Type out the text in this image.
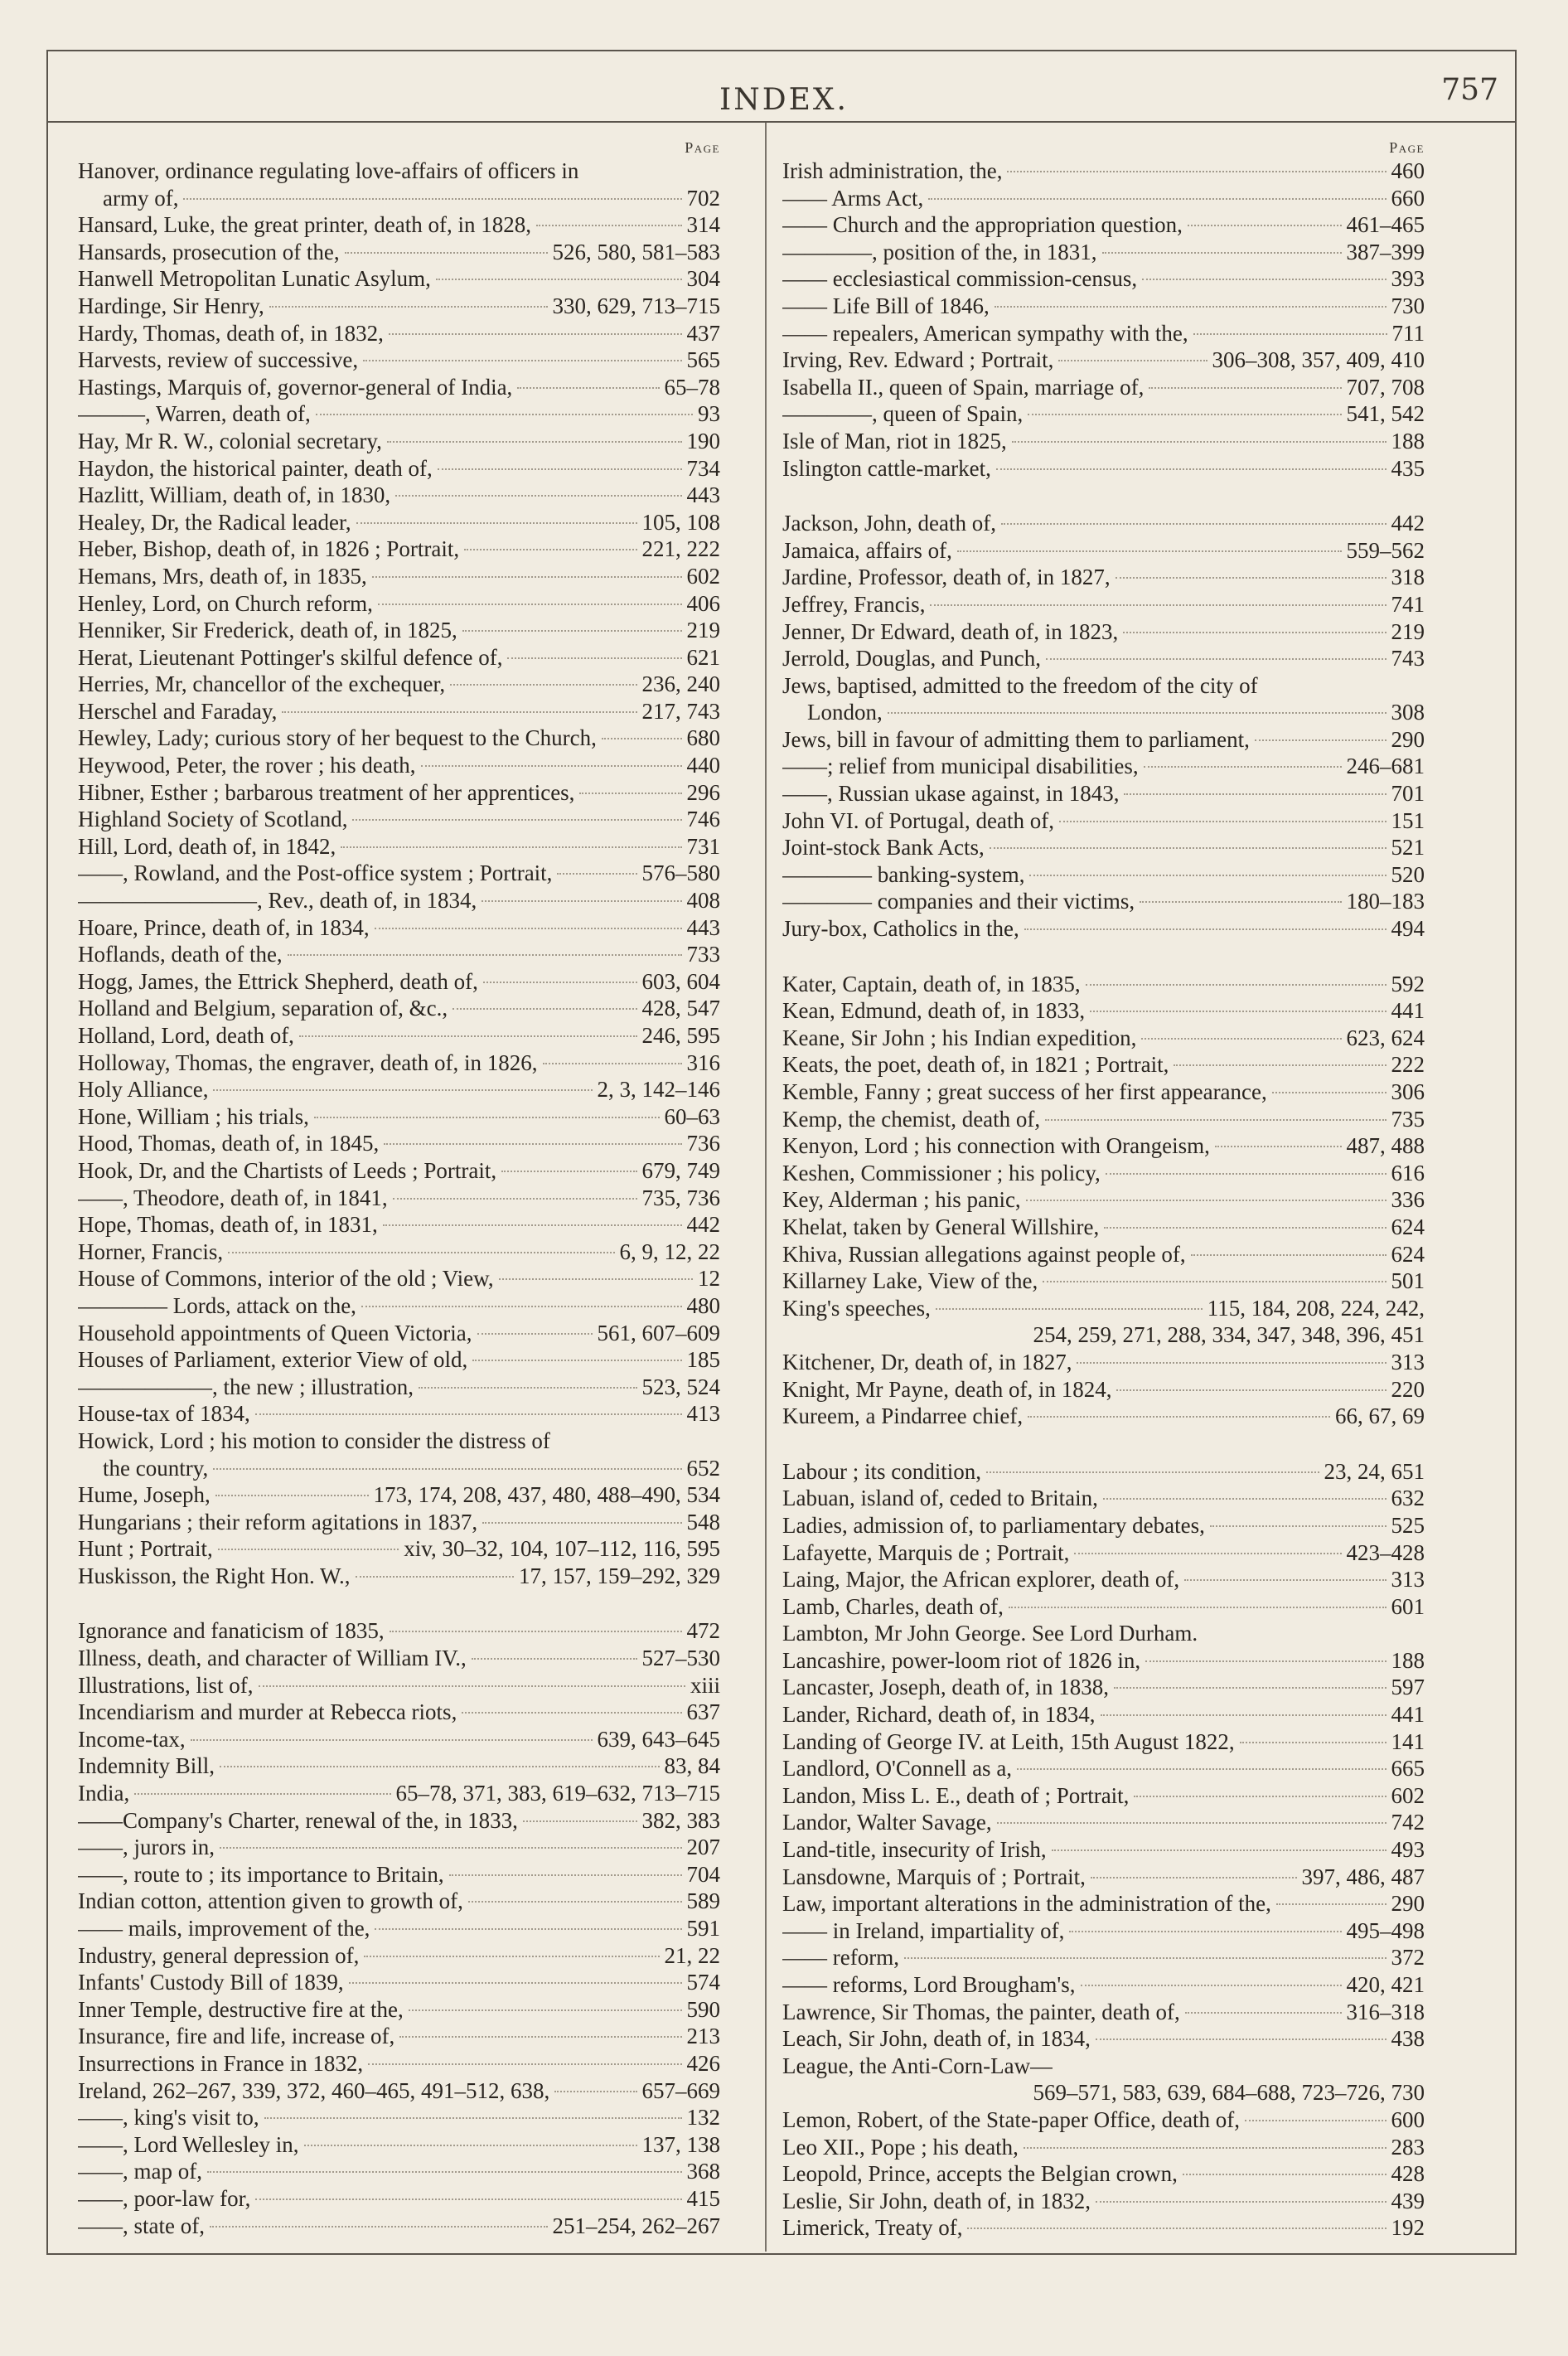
INDEX.	757
Page
Hanover, ordinance regulating love-affairs of officers in
army of,	702
Hansard, Luke, the great printer, death of, in 1828,	314
Hansards, prosecution of the,	526, 580, 581–583
Hanwell Metropolitan Lunatic Asylum,	304
Hardinge, Sir Henry,	330, 629, 713–715
Hardy, Thomas, death of, in 1832,	437
Harvests, review of successive,	565
Hastings, Marquis of, governor-general of India,	65–78
———, Warren, death of,	93
Hay, Mr R. W., colonial secretary,	190
Haydon, the historical painter, death of,	734
Hazlitt, William, death of, in 1830,	443
Healey, Dr, the Radical leader,	105, 108
Heber, Bishop, death of, in 1826 ; Portrait,	221, 222
Hemans, Mrs, death of, in 1835,	602
Henley, Lord, on Church reform,	406
Henniker, Sir Frederick, death of, in 1825,	219
Herat, Lieutenant Pottinger's skilful defence of,	621
Herries, Mr, chancellor of the exchequer,	236, 240
Herschel and Faraday,	217, 743
Hewley, Lady; curious story of her bequest to the Church,	680
Heywood, Peter, the rover ; his death,	440
Hibner, Esther ; barbarous treatment of her apprentices,	296
Highland Society of Scotland,	746
Hill, Lord, death of, in 1842,	731
——, Rowland, and the Post-office system ; Portrait,	576–580
————————, Rev., death of, in 1834,	408
Hoare, Prince, death of, in 1834,	443
Hoflands, death of the,	733
Hogg, James, the Ettrick Shepherd, death of,	603, 604
Holland and Belgium, separation of, &c.,	428, 547
Holland, Lord, death of,	246, 595
Holloway, Thomas, the engraver, death of, in 1826,	316
Holy Alliance,	2, 3, 142–146
Hone, William ; his trials,	60–63
Hood, Thomas, death of, in 1845,	736
Hook, Dr, and the Chartists of Leeds ; Portrait,	679, 749
——, Theodore, death of, in 1841,	735, 736
Hope, Thomas, death of, in 1831,	442
Horner, Francis,	6, 9, 12, 22
House of Commons, interior of the old ; View,	12
———— Lords, attack on the,	480
Household appointments of Queen Victoria,	561, 607–609
Houses of Parliament, exterior View of old,	185
——————, the new ; illustration,	523, 524
House-tax of 1834,	413
Howick, Lord ; his motion to consider the distress of
the country,	652
Hume, Joseph,	173, 174, 208, 437, 480, 488–490, 534
Hungarians ; their reform agitations in 1837,	548
Hunt ; Portrait,	xiv, 30–32, 104, 107–112, 116, 595
Huskisson, the Right Hon. W.,	17, 157, 159–292, 329
Ignorance and fanaticism of 1835,	472
Illness, death, and character of William IV.,	527–530
Illustrations, list of,	xiii
Incendiarism and murder at Rebecca riots,	637
Income-tax,	639, 643–645
Indemnity Bill,	83, 84
India,	65–78, 371, 383, 619–632, 713–715
——Company's Charter, renewal of the, in 1833,	382, 383
——, jurors in,	207
——, route to ; its importance to Britain,	704
Indian cotton, attention given to growth of,	589
—— mails, improvement of the,	591
Industry, general depression of,	21, 22
Infants' Custody Bill of 1839,	574
Inner Temple, destructive fire at the,	590
Insurance, fire and life, increase of,	213
Insurrections in France in 1832,	426
Ireland, 262–267, 339, 372, 460–465, 491–512, 638,	657–669
——, king's visit to,	132
——, Lord Wellesley in,	137, 138
——, map of,	368
——, poor-law for,	415
——, state of,	251–254, 262–267
Page
Irish administration, the,	460
—— Arms Act,	660
—— Church and the appropriation question,	461–465
————, position of the, in 1831,	387–399
—— ecclesiastical commission-census,	393
—— Life Bill of 1846,	730
—— repealers, American sympathy with the,	711
Irving, Rev. Edward ; Portrait,	306–308, 357, 409, 410
Isabella II., queen of Spain, marriage of,	707, 708
————, queen of Spain,	541, 542
Isle of Man, riot in 1825,	188
Islington cattle-market,	435
Jackson, John, death of,	442
Jamaica, affairs of,	559–562
Jardine, Professor, death of, in 1827,	318
Jeffrey, Francis,	741
Jenner, Dr Edward, death of, in 1823,	219
Jerrold, Douglas, and Punch,	743
Jews, baptised, admitted to the freedom of the city of
London,	308
Jews, bill in favour of admitting them to parliament,	290
——; relief from municipal disabilities,	246–681
——, Russian ukase against, in 1843,	701
John VI. of Portugal, death of,	151
Joint-stock Bank Acts,	521
———— banking-system,	520
———— companies and their victims,	180–183
Jury-box, Catholics in the,	494
Kater, Captain, death of, in 1835,	592
Kean, Edmund, death of, in 1833,	441
Keane, Sir John ; his Indian expedition,	623, 624
Keats, the poet, death of, in 1821 ; Portrait,	222
Kemble, Fanny ; great success of her first appearance,	306
Kemp, the chemist, death of,	735
Kenyon, Lord ; his connection with Orangeism,	487, 488
Keshen, Commissioner ; his policy,	616
Key, Alderman ; his panic,	336
Khelat, taken by General Willshire,	624
Khiva, Russian allegations against people of,	624
Killarney Lake, View of the,	501
King's speeches,	115, 184, 208, 224, 242,
254, 259, 271, 288, 334, 347, 348, 396, 451
Kitchener, Dr, death of, in 1827,	313
Knight, Mr Payne, death of, in 1824,	220
Kureem, a Pindarree chief,	66, 67, 69
Labour ; its condition,	23, 24, 651
Labuan, island of, ceded to Britain,	632
Ladies, admission of, to parliamentary debates,	525
Lafayette, Marquis de ; Portrait,	423–428
Laing, Major, the African explorer, death of,	313
Lamb, Charles, death of,	601
Lambton, Mr John George. See Lord Durham.
Lancashire, power-loom riot of 1826 in,	188
Lancaster, Joseph, death of, in 1838,	597
Lander, Richard, death of, in 1834,	441
Landing of George IV. at Leith, 15th August 1822,	141
Landlord, O'Connell as a,	665
Landon, Miss L. E., death of ; Portrait,	602
Landor, Walter Savage,	742
Land-title, insecurity of Irish,	493
Lansdowne, Marquis of ; Portrait,	397, 486, 487
Law, important alterations in the administration of the,	290
—— in Ireland, impartiality of,	495–498
—— reform,	372
—— reforms, Lord Brougham's,	420, 421
Lawrence, Sir Thomas, the painter, death of,	316–318
Leach, Sir John, death of, in 1834,	438
League, the Anti-Corn-Law—
569–571, 583, 639, 684–688, 723–726, 730
Lemon, Robert, of the State-paper Office, death of,	600
Leo XII., Pope ; his death,	283
Leopold, Prince, accepts the Belgian crown,	428
Leslie, Sir John, death of, in 1832,	439
Limerick, Treaty of,	192
